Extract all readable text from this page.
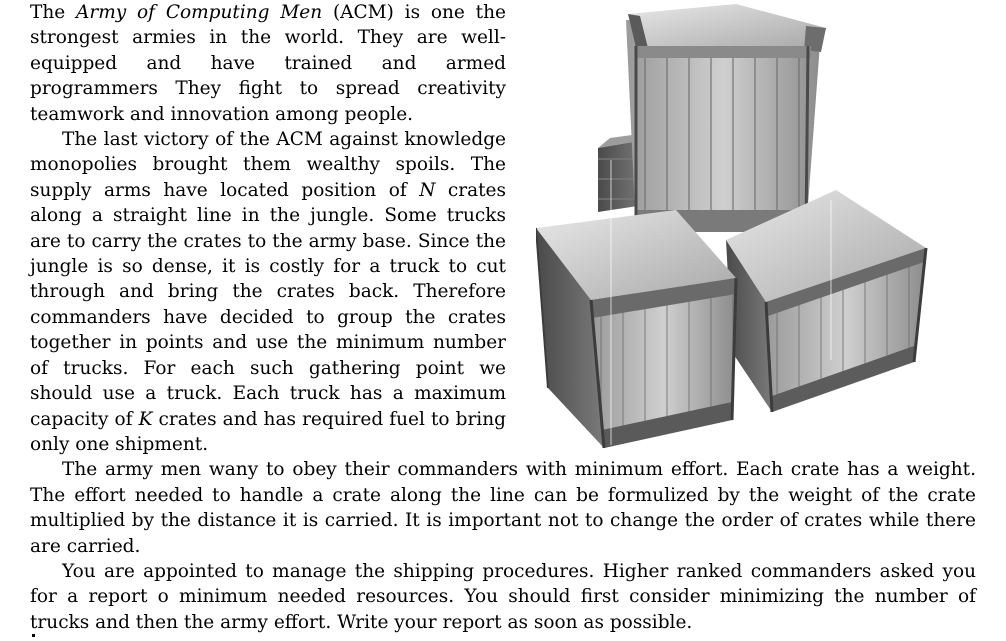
The Army of Computing Men (ACM) is one the strongest armies in the world. They are well-equipped and have trained and armed programmers They fight to spread creativity teamwork and innovation among people.

The last victory of the ACM against knowledge monopolies brought them wealthy spoils. The supply arms have located position of N crates along a straight line in the jungle. Some trucks are to carry the crates to the army base. Since the jungle is so dense, it is costly for a truck to cut through and bring the crates back. Therefore commanders have decided to group the crates together in points and use the minimum number of trucks. For each such gathering point we should use a truck. Each truck has a maximum capacity of K crates and has required fuel to bring only one shipment.

The army men wany to obey their commanders with minimum effort. Each crate has a weight. The effort needed to handle a crate along the line can be formulized by the weight of the crate multiplied by the distance it is carried. It is important not to change the order of crates while there are carried.

You are appointed to manage the shipping procedures. Higher ranked commanders asked you for a report o minimum needed resources. You should first consider minimizing the number of trucks and then the army effort. Write your report as soon as possible.
